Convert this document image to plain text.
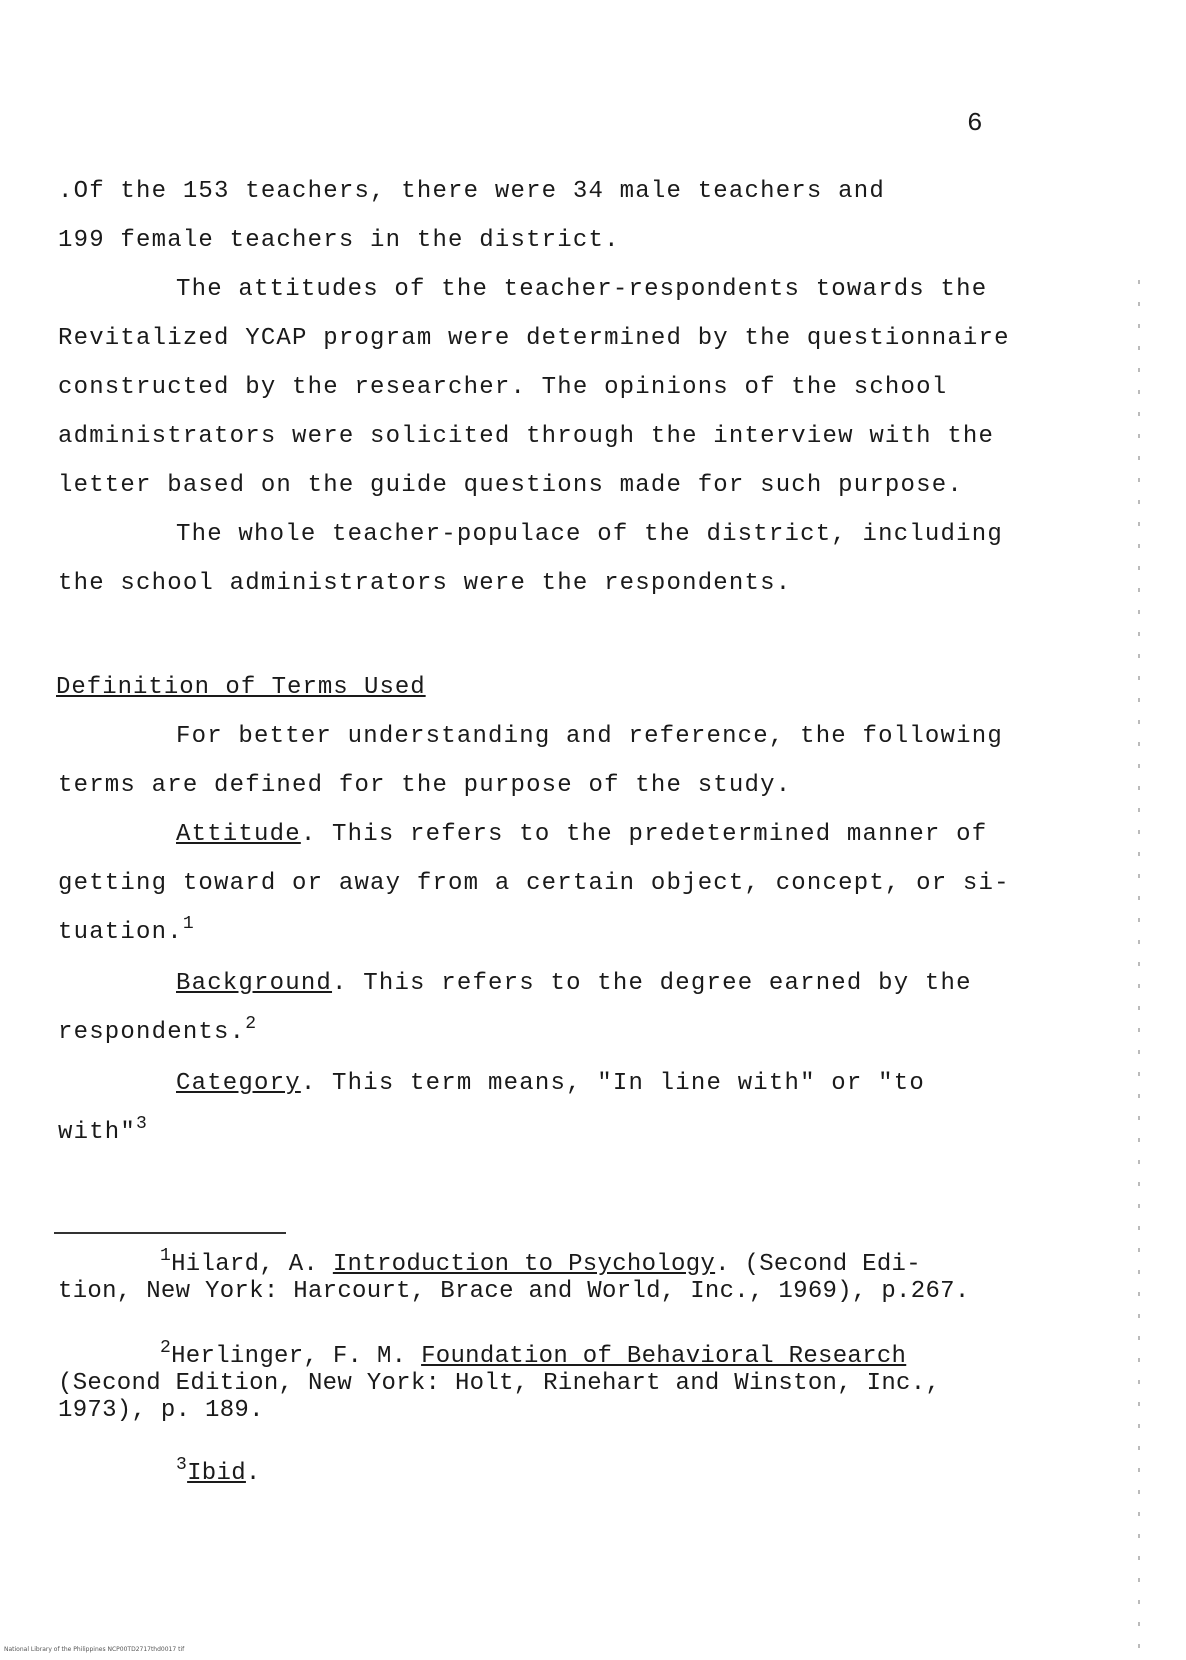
6
.Of the 153 teachers, there were 34 male teachers and
199 female teachers in the district.
The attitudes of the teacher-respondents towards the
Revitalized YCAP program were determined by the questionnaire
constructed by the researcher. The opinions of the school
administrators were solicited through the interview with the
letter based on the guide questions made for such purpose.
The whole teacher-populace of the district, including
the school administrators were the respondents.
Definition of Terms Used
For better understanding and reference, the following
terms are defined for the purpose of the study.
Attitude. This refers to the predetermined manner of
getting toward or away from a certain object, concept, or si-
tuation.$^1$
Background. This refers to the degree earned by the
respondents.$^2$
Category. This term means, "In line with" or "to
with"$^3$
$^1$Hilard, A. Introduction to Psychology. (Second Edi-
tion, New York: Harcourt, Brace and World, Inc., 1969), p.267.
$^2$Herlinger, F. M. Foundation of Behavioral Research
(Second Edition, New York: Holt, Rinehart and Winston, Inc.,
1973), p. 189.
$^3$Ibid.
National Library of the Philippines NCP00TD2717thd0017 tif
